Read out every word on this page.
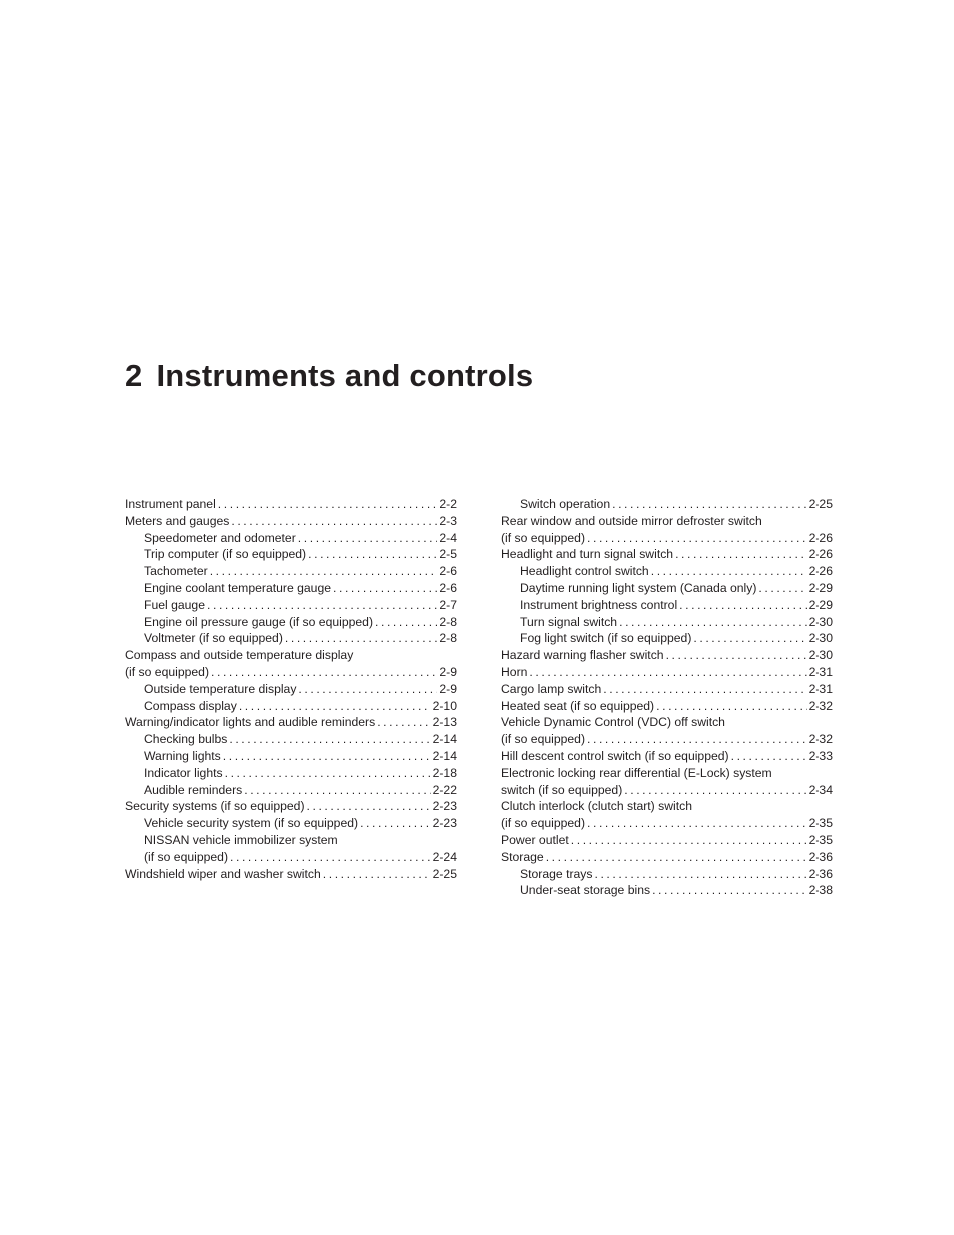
2 Instruments and controls
Instrument panel . . .	2-2
Meters and gauges . . .	2-3
Speedometer and odometer . . .	2-4
Trip computer (if so equipped) . . .	2-5
Tachometer . . .	2-6
Engine coolant temperature gauge . . .	2-6
Fuel gauge . . .	2-7
Engine oil pressure gauge (if so equipped) . . .	2-8
Voltmeter (if so equipped) . . .	2-8
Compass and outside temperature display
(if so equipped) . . .	2-9
Outside temperature display . . .	2-9
Compass display . . .	2-10
Warning/indicator lights and audible reminders . . .	2-13
Checking bulbs . . .	2-14
Warning lights . . .	2-14
Indicator lights . . .	2-18
Audible reminders . . .	2-22
Security systems (if so equipped) . . .	2-23
Vehicle security system (if so equipped) . . .	2-23
NISSAN vehicle immobilizer system
(if so equipped) . . .	2-24
Windshield wiper and washer switch . . .	2-25
Switch operation . . .	2-25
Rear window and outside mirror defroster switch
(if so equipped) . . .	2-26
Headlight and turn signal switch . . .	2-26
Headlight control switch . . .	2-26
Daytime running light system (Canada only) . . .	2-29
Instrument brightness control . . .	2-29
Turn signal switch . . .	2-30
Fog light switch (if so equipped) . . .	2-30
Hazard warning flasher switch . . .	2-30
Horn . . .	2-31
Cargo lamp switch . . .	2-31
Heated seat (if so equipped) . . .	2-32
Vehicle Dynamic Control (VDC) off switch
(if so equipped) . . .	2-32
Hill descent control switch (if so equipped) . . .	2-33
Electronic locking rear differential (E-Lock) system
switch (if so equipped) . . .	2-34
Clutch interlock (clutch start) switch
(if so equipped) . . .	2-35
Power outlet . . .	2-35
Storage . . .	2-36
Storage trays . . .	2-36
Under-seat storage bins . . .	2-38
